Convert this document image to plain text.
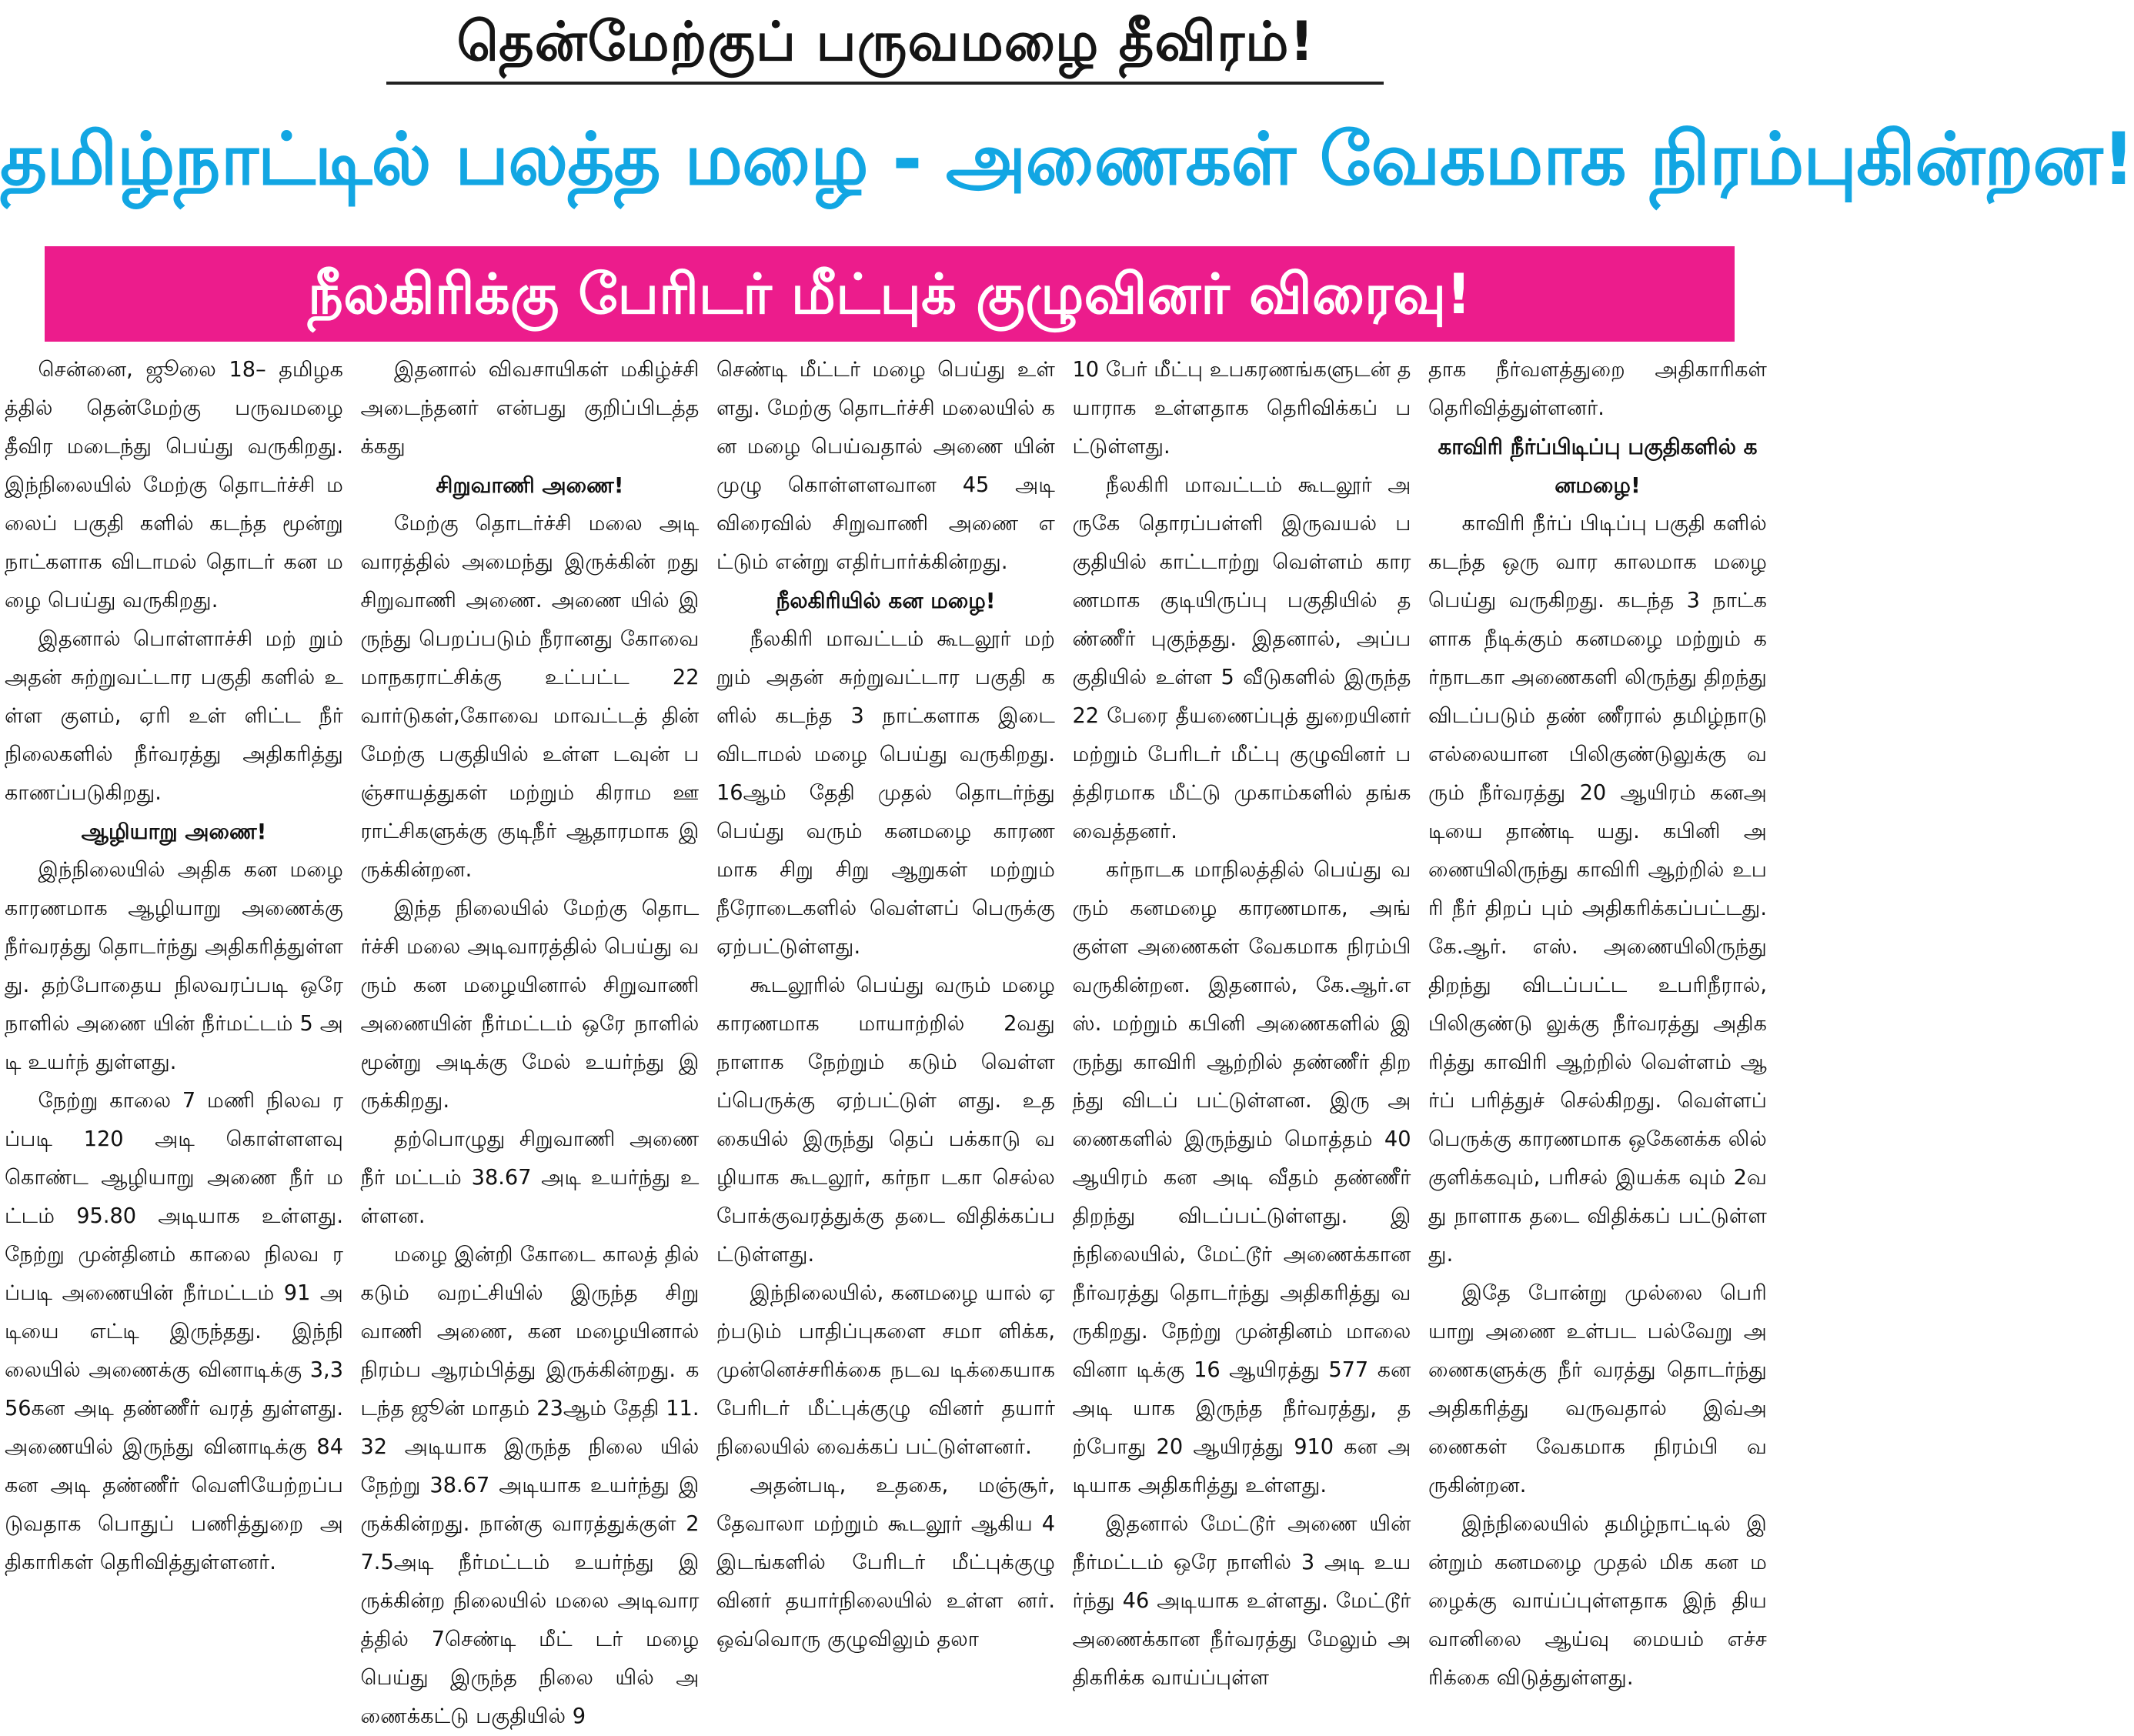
தென்மேற்குப் பருவமழை தீவிரம்!
தமிழ்நாட்டில் பலத்த மழை - அணைகள் வேகமாக நிரம்புகின்றன!
நீலகிரிக்கு பேரிடர் மீட்புக் குழுவினர் விரைவு!

சென்னை, ஜூலை 18– தமிழகத்தில் தென்மேற்கு பருவமழை தீவிர மடைந்து பெய்து வருகிறது. இந்நிலையில் மேற்கு தொடர்ச்சி மலைப் பகுதி களில் கடந்த மூன்று நாட்களாக விடாமல் தொடர் கன மழை பெய்து வருகிறது.

இதனால் பொள்ளாச்சி மற் றும் அதன் சுற்றுவட்டார பகுதி களில் உள்ள குளம், ஏரி உள் ளிட்ட நீர் நிலைகளில் நீர்வரத்து அதிகரித்து காணப்படுகிறது.

ஆழியாறு அணை!

இந்நிலையில் அதிக கன மழை காரணமாக ஆழியாறு அணைக்கு நீர்வரத்து தொடர்ந்து அதிகரித்துள்ளது. தற்போதைய நிலவரப்படி ஒரே நாளில் அணை யின் நீர்மட்டம் 5 அடி உயர்ந் துள்ளது.

நேற்று காலை 7 மணி நிலவ ரப்படி 120 அடி கொள்ளளவு கொண்ட ஆழியாறு அணை நீர் மட்டம் 95.80 அடியாக உள்ளது. நேற்று முன்தினம் காலை நிலவ ரப்படி அணையின் நீர்மட்டம் 91 அடியை எட்டி இருந்தது. இந்நி லையில் அணைக்கு வினாடிக்கு 3,356கன அடி தண்ணீர் வரத் துள்ளது. அணையில் இருந்து வினாடிக்கு 84கன அடி தண்ணீர் வெளியேற்றப்படுவதாக பொதுப் பணித்துறை அதிகாரிகள் தெரிவித்துள்ளனர்.

இதனால் விவசாயிகள் மகிழ்ச்சி அடைந்தனர் என்பது குறிப்பிடத்தக்கது

சிறுவாணி அணை!

மேற்கு தொடர்ச்சி மலை அடி வாரத்தில் அமைந்து இருக்கின் றது சிறுவாணி அணை. அணை யில் இருந்து பெறப்படும் நீரானது கோவை மாநகராட்சிக்கு உட்பட்ட 22வார்டுகள்,கோவை மாவட்டத் தின் மேற்கு பகுதியில் உள்ள டவுன் பஞ்சாயத்துகள் மற்றும் கிராம ஊராட்சிகளுக்கு குடிநீர் ஆதாரமாக இருக்கின்றன.

இந்த நிலையில் மேற்கு தொடர்ச்சி மலை அடிவாரத்தில் பெய்து வரும் கன மழையினால் சிறுவாணி அணையின் நீர்மட்டம் ஒரே நாளில் மூன்று அடிக்கு மேல் உயர்ந்து இருக்கிறது.

தற்பொழுது சிறுவாணி அணை நீர் மட்டம் 38.67 அடி உயர்ந்து உள்ளன.

மழை இன்றி கோடை காலத் தில் கடும் வறட்சியில் இருந்த சிறு வாணி அணை, கன மழையினால் நிரம்ப ஆரம்பித்து இருக்கின்றது. கடந்த ஜூன் மாதம் 23ஆம் தேதி 11.32 அடியாக இருந்த நிலை யில் நேற்று 38.67 அடியாக உயர்ந்து இருக்கின்றது. நான்கு வாரத்துக்குள் 27.5அடி நீர்மட்டம் உயர்ந்து இருக்கின்ற நிலையில் மலை அடிவாரத்தில் 7செண்டி மீட் டர் மழை பெய்து இருந்த நிலை யில் அணைக்கட்டு பகுதியில் 9

செண்டி மீட்டர் மழை பெய்து உள் ளது. மேற்கு தொடர்ச்சி மலையில் கன மழை பெய்வதால் அணை யின் முழு கொள்ளளவான 45 அடி விரைவில் சிறுவாணி அணை எட்டும் என்று எதிர்பார்க்கின்றது.

நீலகிரியில் கன மழை!

நீலகிரி மாவட்டம் கூடலூர் மற் றும் அதன் சுற்றுவட்டார பகுதி களில் கடந்த 3 நாட்களாக இடை விடாமல் மழை பெய்து வருகிறது. 16ஆம் தேதி முதல் தொடர்ந்து பெய்து வரும் கனமழை காரண மாக சிறு சிறு ஆறுகள் மற்றும் நீரோடைகளில் வெள்ளப் பெருக்கு ஏற்பட்டுள்ளது.

கூடலூரில் பெய்து வரும் மழை காரணமாக மாயாற்றில் 2வது நாளாக நேற்றும் கடும் வெள்ளப்பெருக்கு ஏற்பட்டுள் ளது. உதகையில் இருந்து தெப் பக்காடு வழியாக கூடலூர், கர்நா டகா செல்ல போக்குவரத்துக்கு தடை விதிக்கப்பட்டுள்ளது.

இந்நிலையில், கனமழை யால் ஏற்படும் பாதிப்புகளை சமா ளிக்க, முன்னெச்சரிக்கை நடவ டிக்கையாக பேரிடர் மீட்புக்குழு வினர் தயார் நிலையில் வைக்கப் பட்டுள்ளனர்.

அதன்படி, உதகை, மஞ்சூர், தேவாலா மற்றும் கூடலூர் ஆகிய 4 இடங்களில் பேரிடர் மீட்புக்குழு வினர் தயார்நிலையில் உள்ள னர். ஒவ்வொரு குழுவிலும் தலா

10 பேர் மீட்பு உபகரணங்களுடன் தயாராக உள்ளதாக தெரிவிக்கப் பட்டுள்ளது.

நீலகிரி மாவட்டம் கூடலூர் அருகே தொரப்பள்ளி இருவயல் பகுதியில் காட்டாற்று வெள்ளம் காரணமாக குடியிருப்பு பகுதியில் தண்ணீர் புகுந்தது. இதனால், அப்பகுதியில் உள்ள 5 வீடுகளில் இருந்த 22 பேரை தீயணைப்புத் துறையினர் மற்றும் பேரிடர் மீட்பு குழுவினர் பத்திரமாக மீட்டு முகாம்களில் தங்க வைத்தனர்.

கர்நாடக மாநிலத்தில் பெய்து வரும் கனமழை காரணமாக, அங் குள்ள அணைகள் வேகமாக நிரம்பி வருகின்றன. இதனால், கே.ஆர்.எஸ். மற்றும் கபினி அணைகளில் இருந்து காவிரி ஆற்றில் தண்ணீர் திறந்து விடப் பட்டுள்ளன. இரு அணைகளில் இருந்தும் மொத்தம் 40 ஆயிரம் கன அடி வீதம் தண்ணீர் திறந்து விடப்பட்டுள்ளது. இந்நிலையில், மேட்டூர் அணைக்கான நீர்வரத்து தொடர்ந்து அதிகரித்து வருகிறது. நேற்று முன்தினம் மாலை வினா டிக்கு 16 ஆயிரத்து 577 கன அடி யாக இருந்த நீர்வரத்து, தற்போது 20 ஆயிரத்து 910 கன அடியாக அதிகரித்து உள்ளது.

இதனால் மேட்டூர் அணை யின் நீர்மட்டம் ஒரே நாளில் 3 அடி உயர்ந்து 46 அடியாக உள்ளது. மேட்டூர் அணைக்கான நீர்வரத்து மேலும் அதிகரிக்க வாய்ப்புள்ள

தாக நீர்வளத்துறை அதிகாரிகள் தெரிவித்துள்ளனர்.

காவிரி நீர்ப்பிடிப்பு பகுதிகளில் கனமழை!

காவிரி நீர்ப் பிடிப்பு பகுதி களில் கடந்த ஒரு வார காலமாக மழை பெய்து வருகிறது. கடந்த 3 நாட்களாக நீடிக்கும் கனமழை மற்றும் கர்நாடகா அணைகளி லிருந்து திறந்து விடப்படும் தண் ணீரால் தமிழ்நாடு எல்லையான பிலிகுண்டுலுக்கு வரும் நீர்வரத்து 20 ஆயிரம் கனஅடியை தாண்டி யது. கபினி அணையிலிருந்து காவிரி ஆற்றில் உபரி நீர் திறப் பும் அதிகரிக்கப்பட்டது. கே.ஆர். எஸ். அணையிலிருந்து திறந்து விடப்பட்ட உபரிநீரால், பிலிகுண்டு லுக்கு நீர்வரத்து அதிகரித்து காவிரி ஆற்றில் வெள்ளம் ஆர்ப் பரித்துச் செல்கிறது. வெள்ளப் பெருக்கு காரணமாக ஒகேனக்க லில் குளிக்கவும், பரிசல் இயக்க வும் 2வது நாளாக தடை விதிக்கப் பட்டுள்ளது.

இதே போன்று முல்லை பெரி யாறு அணை உள்பட பல்வேறு அணைகளுக்கு நீர் வரத்து தொடர்ந்து அதிகரித்து வருவதால் இவ்அணைகள் வேகமாக நிரம்பி வருகின்றன.

இந்நிலையில் தமிழ்நாட்டில் இன்றும் கனமழை முதல் மிக கன மழைக்கு வாய்ப்புள்ளதாக இந் திய வானிலை ஆய்வு மையம் எச்சரிக்கை விடுத்துள்ளது.
